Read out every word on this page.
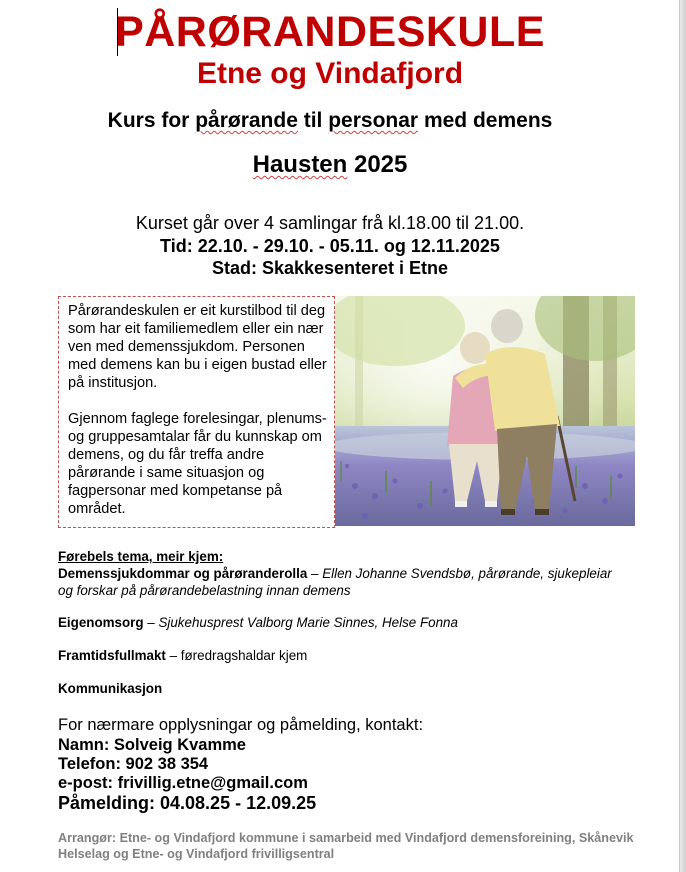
PÅRØRANDESKULE
Etne og Vindafjord
Kurs for pårørande til personar med demens
Hausten 2025
Kurset går over 4 samlingar frå kl.18.00 til 21.00.
Tid: 22.10. - 29.10. - 05.11. og 12.11.2025
Stad: Skakkesenteret i Etne

Pårørandeskulen er eit kurstilbod til deg som har eit familiemedlem eller ein nær ven med demenssjukdom. Personen med demens kan bu i eigen bustad eller på institusjon.

Gjennom faglege forelesingar, plenums- og gruppesamtalar får du kunnskap om demens, og du får treffa andre pårørande i same situasjon og fagpersonar med kompetanse på området.

Førebels tema, meir kjem:
Demenssjukdommar og pårøranderolla – Ellen Johanne Svendsbø, pårørande, sjukepleiar og forskar på pårørandebelastning innan demens
Eigenomsorg – Sjukehusprest Valborg Marie Sinnes, Helse Fonna
Framtidsfullmakt – føredragshaldar kjem
Kommunikasjon
For nærmare opplysningar og påmelding, kontakt:
Namn: Solveig Kvamme
Telefon: 902 38 354
e-post: frivillig.etne@gmail.com
Påmelding: 04.08.25 - 12.09.25
Arrangør: Etne- og Vindafjord kommune i samarbeid med Vindafjord demensforeining, Skånevik Helselag og Etne- og Vindafjord frivilligsentral
